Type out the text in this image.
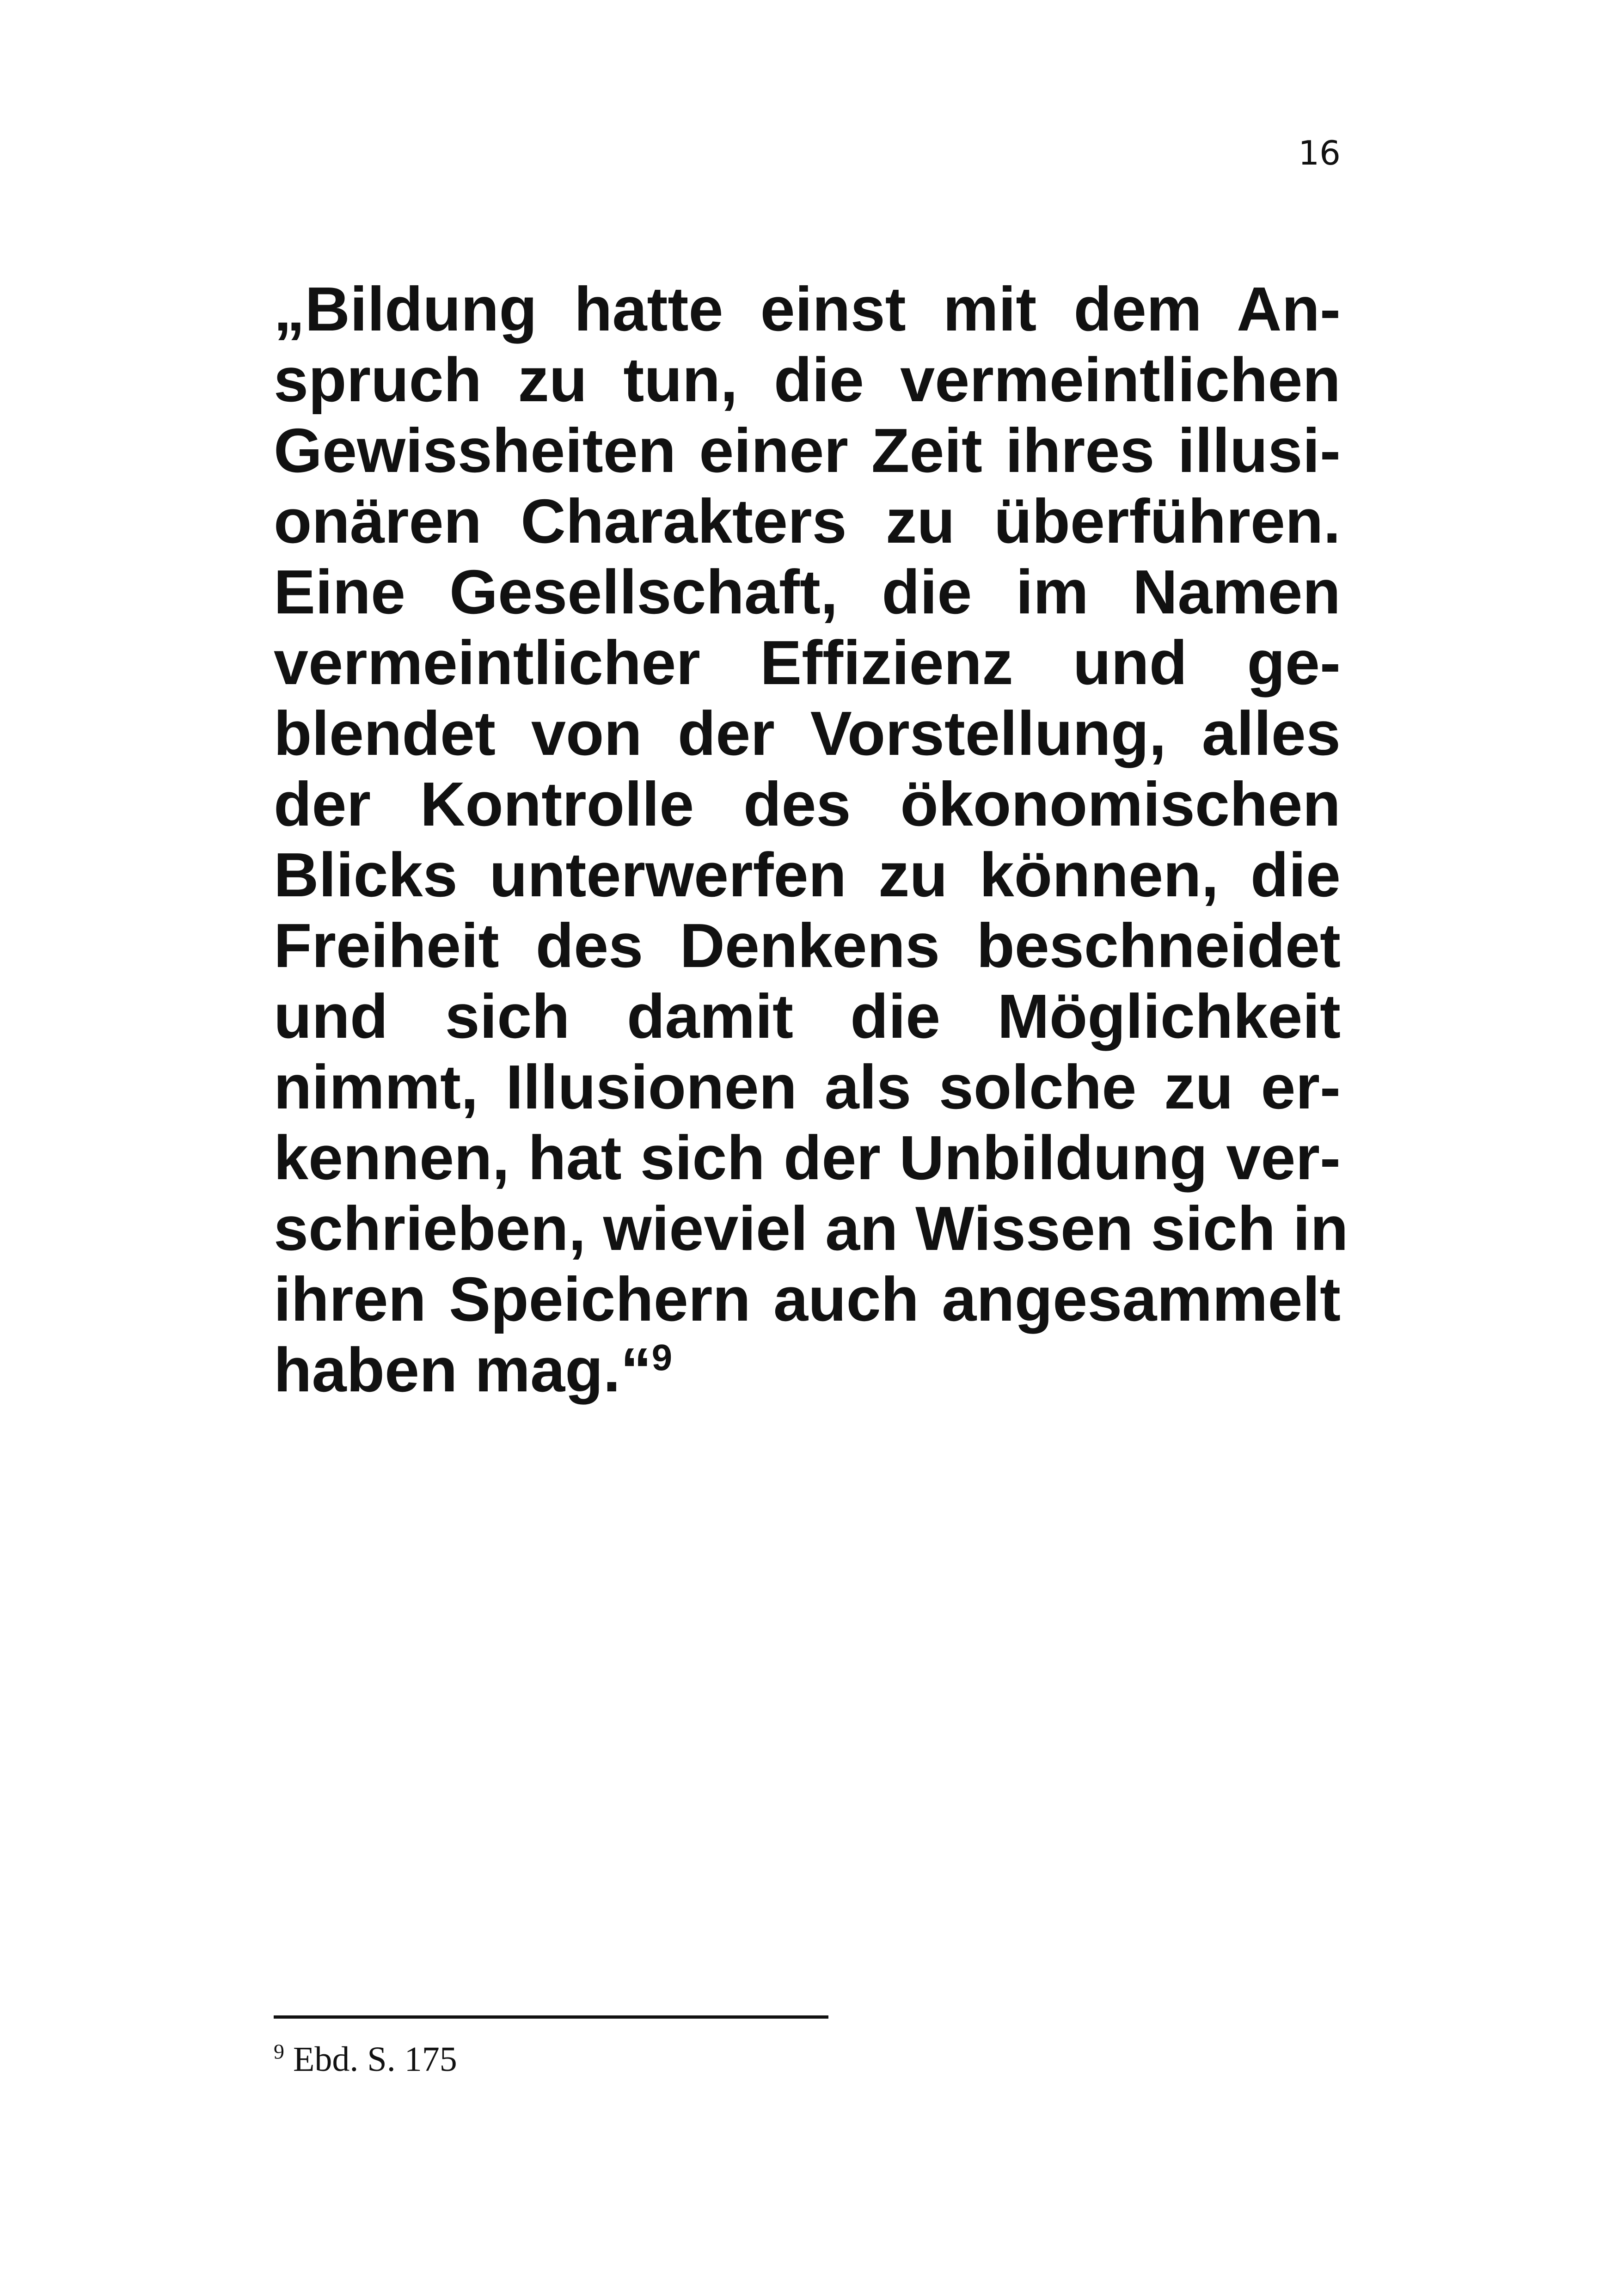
16
„Bildung hatte einst mit dem An-
spruch zu tun, die vermeintlichen
Gewissheiten einer Zeit ihres illusi-
onären Charakters zu überführen.
Eine Gesellschaft, die im Namen
vermeintlicher Effizienz und ge-
blendet von der Vorstellung, alles
der Kontrolle des ökonomischen
Blicks unterwerfen zu können, die
Freiheit des Denkens beschneidet
und sich damit die Möglichkeit
nimmt, Illusionen als solche zu er-
kennen, hat sich der Unbildung ver-
schrieben, wieviel an Wissen sich in
ihren Speichern auch angesammelt
haben mag.“$^9$
$^9$ Ebd. S. 175
